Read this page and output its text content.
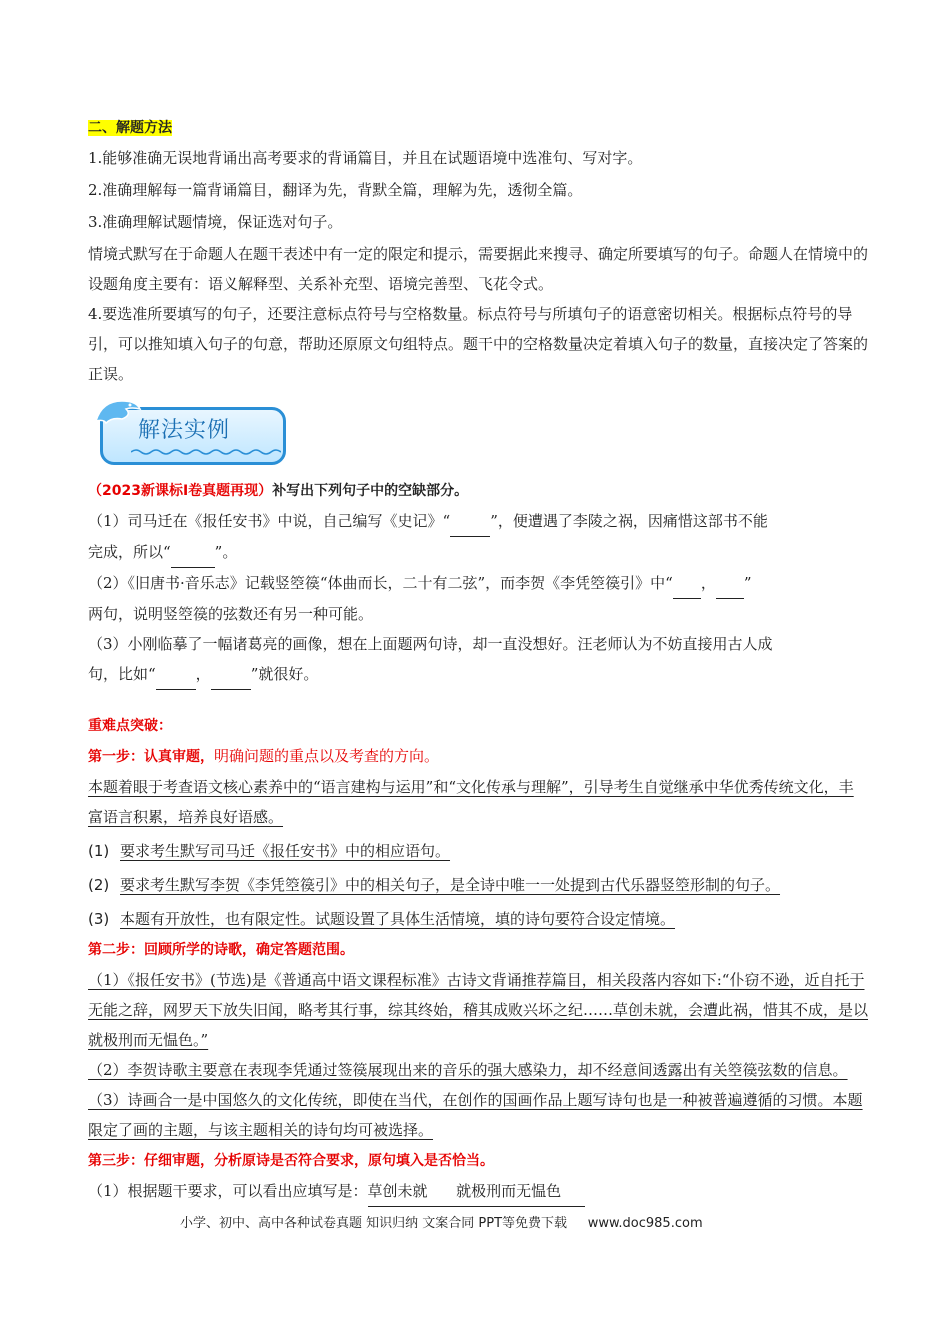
二、解题方法
1.能够准确无误地背诵出高考要求的背诵篇目，并且在试题语境中选准句、写对字。
2.准确理解每一篇背诵篇目，翻译为先，背默全篇，理解为先，透彻全篇。
3.准确理解试题情境，保证选对句子。
情境式默写在于命题人在题干表述中有一定的限定和提示，需要据此来搜寻、确定所要填写的句子。命题人在情境中的设题角度主要有：语义解释型、关系补充型、语境完善型、飞花令式。
4.要选准所要填写的句子，还要注意标点符号与空格数量。标点符号与所填句子的语意密切相关。根据标点符号的导引，可以推知填入句子的句意，帮助还原原文句组特点。题干中的空格数量决定着填入句子的数量，直接决定了答案的正误。
解法实例
（2023新课标Ⅰ卷真题再现）补写出下列句子中的空缺部分。
（1）司马迁在《报任安书》中说，自己编写《史记》“	”，便遭遇了李陵之祸，因痛惜这部书不能
完成，所以“	”。
（2）《旧唐书·音乐志》记载竖箜篌“体曲而长，二十有二弦”，而李贺《李凭箜篌引》中“ ， ”
两句，说明竖箜篌的弦数还有另一种可能。
（3）小刚临摹了一幅诸葛亮的画像，想在上面题两句诗，却一直没想好。汪老师认为不妨直接用古人成
句，比如“	，	”就很好。
重难点突破：
第一步：认真审题，明确问题的重点以及考查的方向。
本题着眼于考查语文核心素养中的“语言建构与运用”和“文化传承与理解”，引导考生自觉继承中华优秀传统文化，丰富语言积累，培养良好语感。
(1) 要求考生默写司马迁《报任安书》中的相应语句。
(2) 要求考生默写李贺《李凭箜篌引》中的相关句子，是全诗中唯一一处提到古代乐器竖箜形制的句子。
(3) 本题有开放性，也有限定性。试题设置了具体生活情境，填的诗句要符合设定情境。
第二步：回顾所学的诗歌，确定答题范围。
（1）《报任安书》(节选)是《普通高中语文课程标准》古诗文背诵推荐篇目，相关段落内容如下:“仆窃不逊，近自托于无能之辞，网罗天下放失旧闻，略考其行事，综其终始，稽其成败兴坏之纪……草创未就，会遭此祸，惜其不成，是以就极刑而无愠色。”
（2）李贺诗歌主要意在表现李凭通过签篌展现出来的音乐的强大感染力，却不经意间透露出有关箜篌弦数的信息。
（3）诗画合一是中国悠久的文化传统，即使在当代，在创作的国画作品上题写诗句也是一种被普遍遵循的习惯。本题限定了画的主题，与该主题相关的诗句均可被选择。
第三步：仔细审题，分析原诗是否符合要求，原句填入是否恰当。
（1）根据题干要求，可以看出应填写是：草创未就 就极刑而无愠色
小学、初中、高中各种试卷真题 知识归纳 文案合同 PPT等免费下载 www.doc985.com
